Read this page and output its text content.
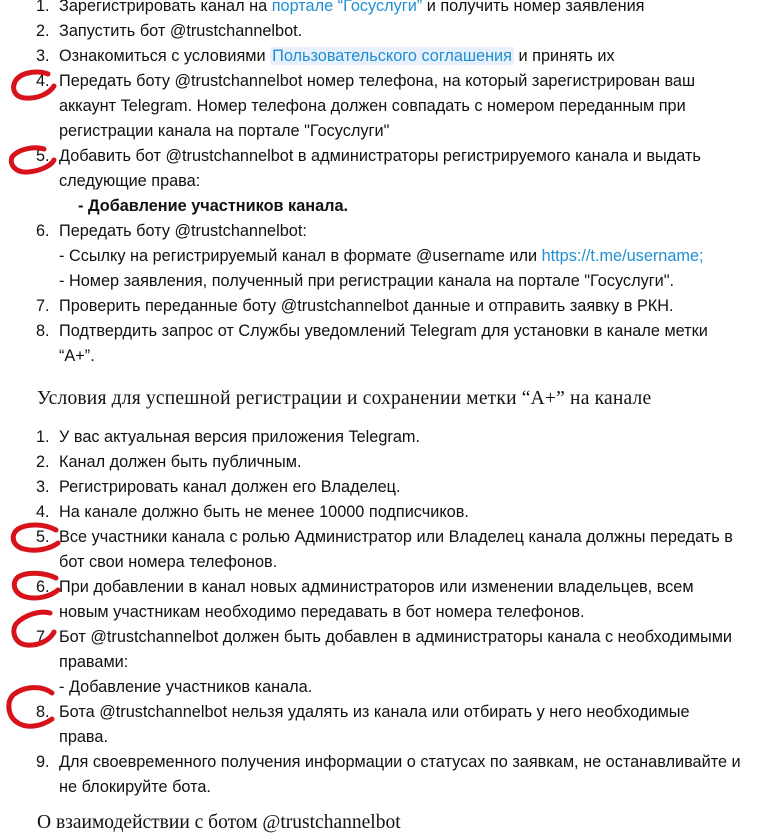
1. Зарегистрировать канал на портале “Госуслуги” и получить номер заявления
2. Запустить бот @trustchannelbot.
3. Ознакомиться с условиями Пользовательского соглашения и принять их
4. Передать боту @trustchannelbot номер телефона, на который зарегистрирован ваш аккаунт Telegram. Номер телефона должен совпадать с номером переданным при регистрации канала на портале "Госуслуги"
5. Добавить бот @trustchannelbot в администраторы регистрируемого канала и выдать следующие права:
- Добавление участников канала.
6. Передать боту @trustchannelbot:
- Ссылку на регистрируемый канал в формате @username или https://t.me/username;
- Номер заявления, полученный при регистрации канала на портале "Госуслуги".
7. Проверить переданные боту @trustchannelbot данные и отправить заявку в РКН.
8. Подтвердить запрос от Службы уведомлений Telegram для установки в канале метки “А+”.
Условия для успешной регистрации и сохранении метки “А+” на канале
1. У вас актуальная версия приложения Telegram.
2. Канал должен быть публичным.
3. Регистрировать канал должен его Владелец.
4. На канале должно быть не менее 10000 подписчиков.
5. Все участники канала с ролью Администратор или Владелец канала должны передать в бот свои номера телефонов.
6. При добавлении в канал новых администраторов или изменении владельцев, всем новым участникам необходимо передавать в бот номера телефонов.
7. Бот @trustchannelbot должен быть добавлен в администраторы канала с необходимыми правами:
- Добавление участников канала.
8. Бота @trustchannelbot нельзя удалять из канала или отбирать у него необходимые права.
9. Для своевременного получения информации о статусах по заявкам, не останавливайте и не блокируйте бота.
О взаимодействии с ботом @trustchannelbot
